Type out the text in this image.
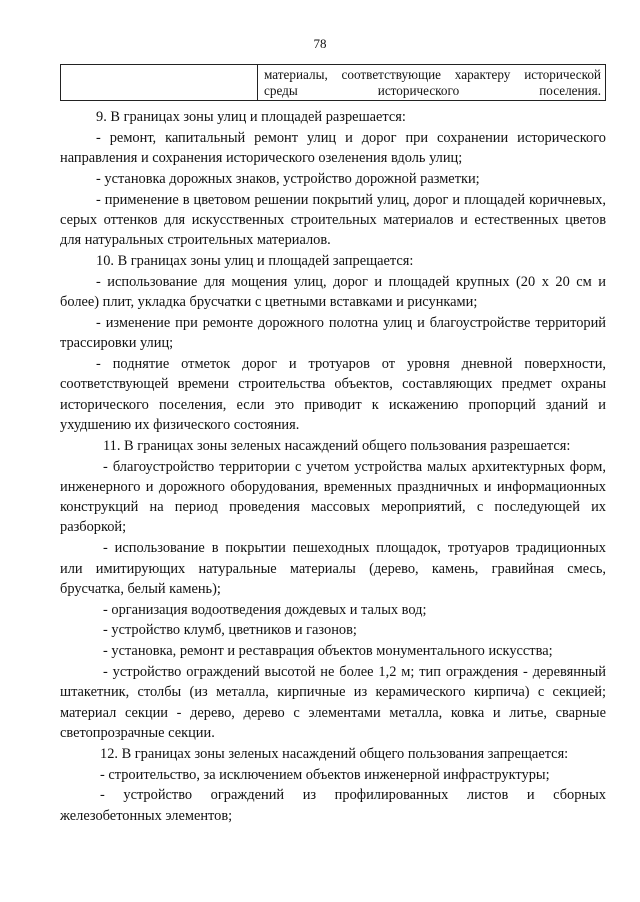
78
материалы, соответствующие характеру исторической среды исторического поселения.

9. В границах зоны улиц и площадей разрешается:

- ремонт, капитальный ремонт улиц и дорог при сохранении исторического направления и сохранения исторического озеленения вдоль улиц;

- установка дорожных знаков, устройство дорожной разметки;

- применение в цветовом решении покрытий улиц, дорог и площадей коричневых, серых оттенков для искусственных строительных материалов и естественных цветов для натуральных строительных материалов.

10. В границах зоны улиц и площадей запрещается:

- использование для мощения улиц, дорог и площадей крупных (20 х 20 см и более) плит, укладка брусчатки с цветными вставками и рисунками;

- изменение при ремонте дорожного полотна улиц и благоустройстве территорий трассировки улиц;

- поднятие отметок дорог и тротуаров от уровня дневной поверхности, соответствующей времени строительства объектов, составляющих предмет охраны исторического поселения, если это приводит к искажению пропорций зданий и ухудшению их физического состояния.

11. В границах зоны зеленых насаждений общего пользования разрешается:

- благоустройство территории с учетом устройства малых архитектурных форм, инженерного и дорожного оборудования, временных праздничных и информационных конструкций на период проведения массовых мероприятий, с последующей их разборкой;

- использование в покрытии пешеходных площадок, тротуаров традиционных или имитирующих натуральные материалы (дерево, камень, гравийная смесь, брусчатка, белый камень);

- организация водоотведения дождевых и талых вод;

- устройство клумб, цветников и газонов;

- установка, ремонт и реставрация объектов монументального искусства;

- устройство ограждений высотой не более 1,2 м; тип ограждения - деревянный штакетник, столбы (из металла, кирпичные из керамического кирпича) с секцией; материал секции - дерево, дерево с элементами металла, ковка и литье, сварные светопрозрачные секции.

12. В границах зоны зеленых насаждений общего пользования запрещается:

- строительство, за исключением объектов инженерной инфраструктуры;

- устройство ограждений из профилированных листов и сборных железобетонных элементов;
